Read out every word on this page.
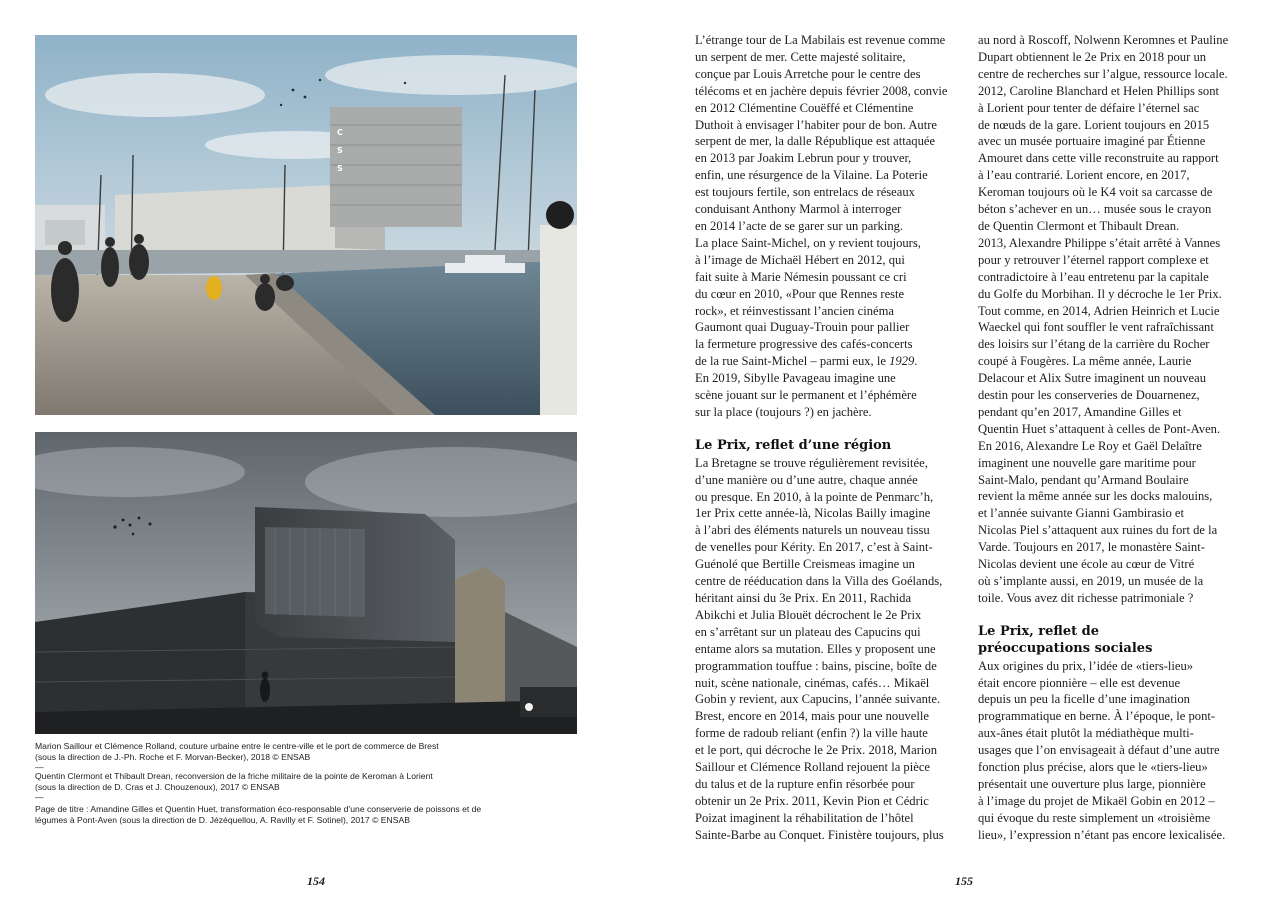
C
S
S
Marion Saillour et Clémence Rolland, couture urbaine entre le centre-ville et le port de commerce de Brest
(sous la direction de J.-Ph. Roche et F. Morvan-Becker), 2018 © ENSAB
—
Quentin Clermont et Thibault Drean, reconversion de la friche militaire de la pointe de Keroman à Lorient
(sous la direction de D. Cras et J. Chouzenoux), 2017 © ENSAB
—
Page de titre : Amandine Gilles et Quentin Huet, transformation éco-responsable d’une conserverie de poissons et de
légumes à Pont-Aven (sous la direction de D. Jézéquellou, A. Ravilly et F. Sotinel), 2017 © ENSAB
154

L’étrange tour de La Mabilais est revenue comme

un serpent de mer. Cette majesté solitaire,

conçue par Louis Arretche pour le centre des

télécoms et en jachère depuis février 2008, convie

en 2012 Clémentine Couëffé et Clémentine

Duthoit à envisager l’habiter pour de bon. Autre

serpent de mer, la dalle République est attaquée

en 2013 par Joakim Lebrun pour y trouver,

enfin, une résurgence de la Vilaine. La Poterie

est toujours fertile, son entrelacs de réseaux

conduisant Anthony Marmol à interroger

en 2014 l’acte de se garer sur un parking.

La place Saint-Michel, on y revient toujours,

à l’image de Michaël Hébert en 2012, qui

fait suite à Marie Némesin poussant ce cri

du cœur en 2010, «Pour que Rennes reste

rock», et réinvestissant l’ancien cinéma

Gaumont quai Duguay-Trouin pour pallier

la fermeture progressive des cafés-concerts

de la rue Saint-Michel – parmi eux, le 1929.

En 2019, Sibylle Pavageau imagine une

scène jouant sur le permanent et l’éphémère

sur la place (toujours ?) en jachère.

Le Prix, reflet d’une région

La Bretagne se trouve régulièrement revisitée,

d’une manière ou d’une autre, chaque année

ou presque. En 2010, à la pointe de Penmarc’h,

1er Prix cette année-là, Nicolas Bailly imagine

à l’abri des éléments naturels un nouveau tissu

de venelles pour Kérity. En 2017, c’est à Saint-

Guénolé que Bertille Creismeas imagine un

centre de rééducation dans la Villa des Goélands,

héritant ainsi du 3e Prix. En 2011, Rachida

Abikchi et Julia Blouët décrochent le 2e Prix

en s’arrêtant sur un plateau des Capucins qui

entame alors sa mutation. Elles y proposent une

programmation touffue : bains, piscine, boîte de

nuit, scène nationale, cinémas, cafés… Mikaël

Gobin y revient, aux Capucins, l’année suivante.

Brest, encore en 2014, mais pour une nouvelle

forme de radoub reliant (enfin ?) la ville haute

et le port, qui décroche le 2e Prix. 2018, Marion

Saillour et Clémence Rolland rejouent la pièce

du talus et de la rupture enfin résorbée pour

obtenir un 2e Prix. 2011, Kevin Pion et Cédric

Poizat imaginent la réhabilitation de l’hôtel

Sainte-Barbe au Conquet. Finistère toujours, plus

au nord à Roscoff, Nolwenn Keromnes et Pauline

Dupart obtiennent le 2e Prix en 2018 pour un

centre de recherches sur l’algue, ressource locale.

2012, Caroline Blanchard et Helen Phillips sont

à Lorient pour tenter de défaire l’éternel sac

de nœuds de la gare. Lorient toujours en 2015

avec un musée portuaire imaginé par Étienne

Amouret dans cette ville reconstruite au rapport

à l’eau contrarié. Lorient encore, en 2017,

Keroman toujours où le K4 voit sa carcasse de

béton s’achever en un… musée sous le crayon

de Quentin Clermont et Thibault Drean.

2013, Alexandre Philippe s’était arrêté à Vannes

pour y retrouver l’éternel rapport complexe et

contradictoire à l’eau entretenu par la capitale

du Golfe du Morbihan. Il y décroche le 1er Prix.

Tout comme, en 2014, Adrien Heinrich et Lucie

Waeckel qui font souffler le vent rafraîchissant

des loisirs sur l’étang de la carrière du Rocher

coupé à Fougères. La même année, Laurie

Delacour et Alix Sutre imaginent un nouveau

destin pour les conserveries de Douarnenez,

pendant qu’en 2017, Amandine Gilles et

Quentin Huet s’attaquent à celles de Pont-Aven.

En 2016, Alexandre Le Roy et Gaël Delaître

imaginent une nouvelle gare maritime pour

Saint-Malo, pendant qu’Armand Boulaire

revient la même année sur les docks malouins,

et l’année suivante Gianni Gambirasio et

Nicolas Piel s’attaquent aux ruines du fort de la

Varde. Toujours en 2017, le monastère Saint-

Nicolas devient une école au cœur de Vitré

où s’implante aussi, en 2019, un musée de la

toile. Vous avez dit richesse patrimoniale ?

Le Prix, reflet de
préoccupations sociales

Aux origines du prix, l’idée de «tiers-lieu»

était encore pionnière – elle est devenue

depuis un peu la ficelle d’une imagination

programmatique en berne. À l’époque, le pont-

aux-ânes était plutôt la médiathèque multi-

usages que l’on envisageait à défaut d’une autre

fonction plus précise, alors que le «tiers-lieu»

présentait une ouverture plus large, pionnière

à l’image du projet de Mikaël Gobin en 2012 –

qui évoque du reste simplement un «troisième

lieu», l’expression n’étant pas encore lexicalisée.

155
